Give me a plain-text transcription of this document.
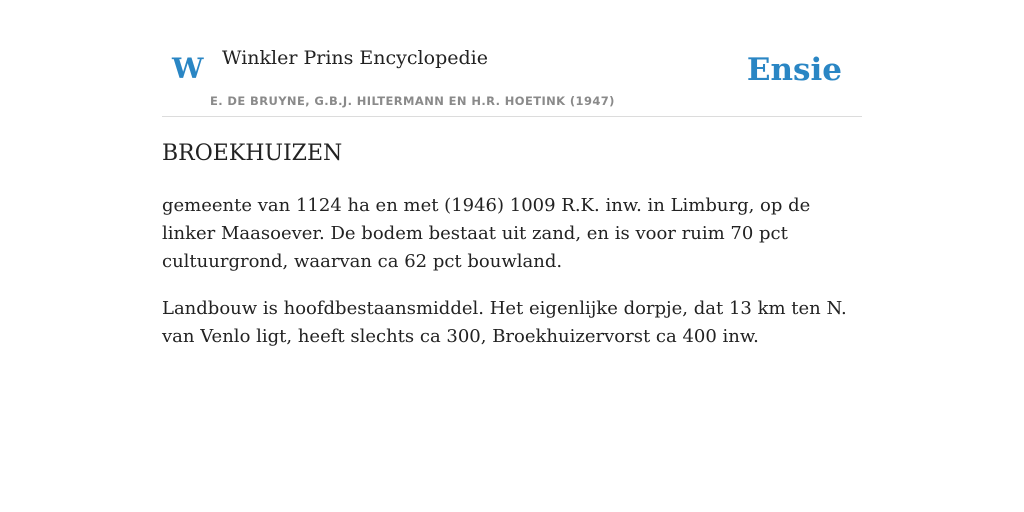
W Winkler Prins Encyclopedie
E. DE BRUYNE, G.B.J. HILTERMANN EN H.R. HOETINK (1947)
Ensie
BROEKHUIZEN

gemeente van 1124 ha en met (1946) 1009 R.K. inw. in Limburg, op de linker Maasoever. De bodem bestaat uit zand, en is voor ruim 70 pct cultuurgrond, waarvan ca 62 pct bouwland.

Landbouw is hoofdbestaansmiddel. Het eigenlijke dorpje, dat 13 km ten N. van Venlo ligt, heeft slechts ca 300, Broekhuizervorst ca 400 inw.
